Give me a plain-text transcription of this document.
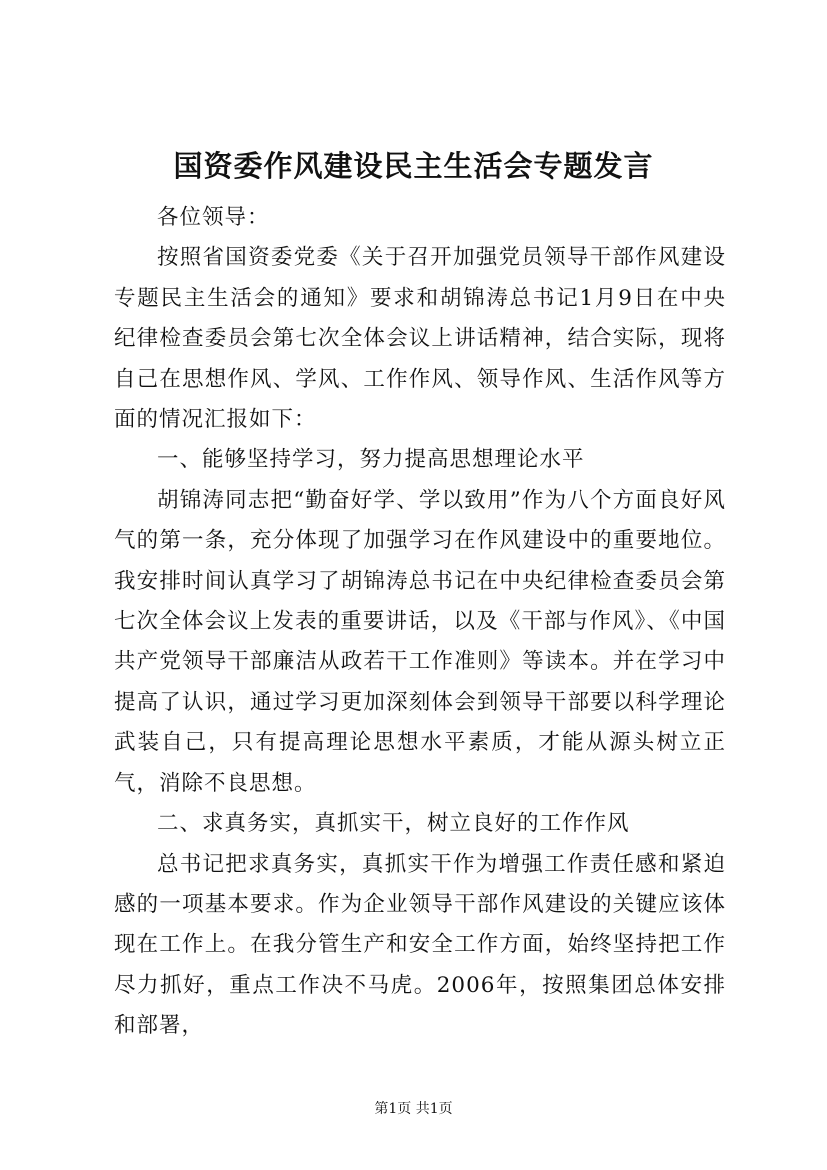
国资委作风建设民主生活会专题发言

各位领导：

按照省国资委党委《关于召开加强党员领导干部作风建设专题民主生活会的通知》要求和胡锦涛总书记1月9日在中央纪律检查委员会第七次全体会议上讲话精神，结合实际，现将自己在思想作风、学风、工作作风、领导作风、生活作风等方面的情况汇报如下：

一、能够坚持学习，努力提高思想理论水平

胡锦涛同志把“勤奋好学、学以致用”作为八个方面良好风气的第一条，充分体现了加强学习在作风建设中的重要地位。我安排时间认真学习了胡锦涛总书记在中央纪律检查委员会第七次全体会议上发表的重要讲话，以及《干部与作风》、《中国共产党领导干部廉洁从政若干工作准则》等读本。并在学习中提高了认识，通过学习更加深刻体会到领导干部要以科学理论武装自己，只有提高理论思想水平素质，才能从源头树立正气，消除不良思想。

二、求真务实，真抓实干，树立良好的工作作风

总书记把求真务实，真抓实干作为增强工作责任感和紧迫感的一项基本要求。作为企业领导干部作风建设的关键应该体现在工作上。在我分管生产和安全工作方面，始终坚持把工作尽力抓好，重点工作决不马虎。2006年，按照集团总体安排和部署，

第1页 共1页
